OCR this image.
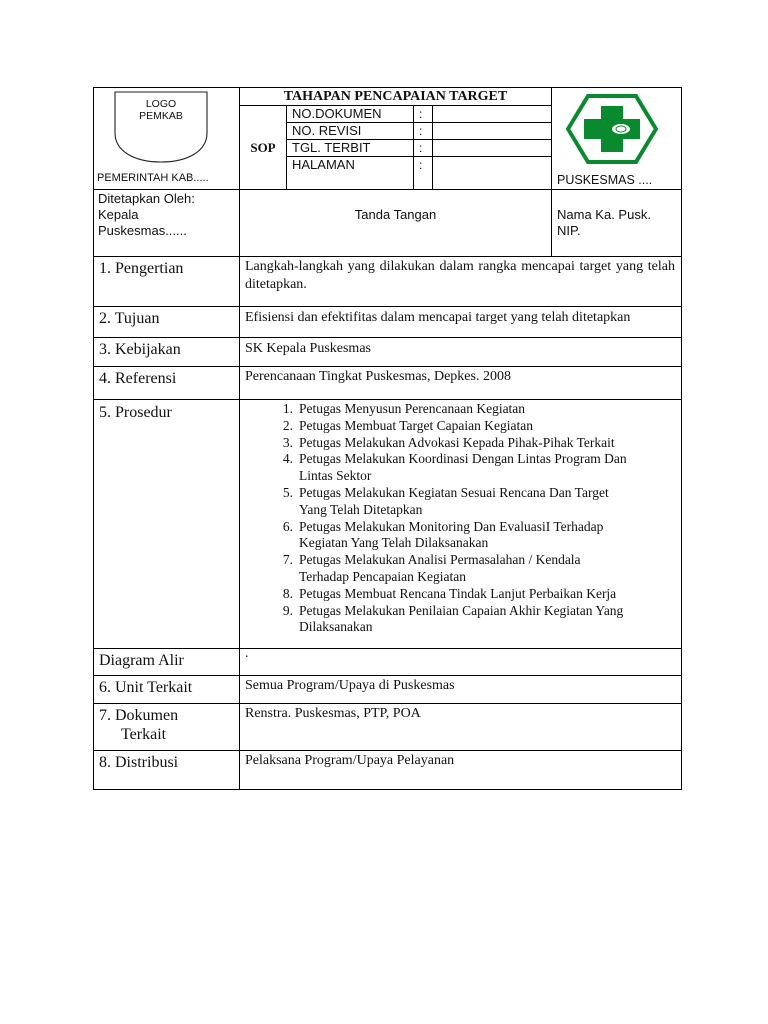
LOGO
PEMKAB
PEMERINTAH KAB.....
TAHAPAN PENCAPAIAN TARGET
SOP
NO.DOKUMEN
NO. REVISI
TGL. TERBIT
HALAMAN
:
:
:
:
PUSKESMAS ....
Ditetapkan Oleh:
Kepala
Puskesmas......
Tanda Tangan	Nama Ka. Pusk.
NIP.
1. Pengertian
2. Tujuan
3. Kebijakan
4. Referensi
5. Prosedur
Diagram Alir
6. Unit Terkait
7. Dokumen
Terkait
8. Distribusi
Langkah-langkah yang dilakukan dalam rangka mencapai target yang telah ditetapkan.
Efisiensi dan efektifitas dalam mencapai target yang telah ditetapkan
SK Kepala Puskesmas
Perencanaan Tingkat Puskesmas, Depkes. 2008
1 . Petugas Menyusun Perencanaan Kegiatan
2 . Petugas Membuat Target Capaian Kegiatan
3 . Petugas Melakukan Advokasi Kepada Pihak-Pihak Terkait
4 . Petugas Melakukan Koordinasi Dengan Lintas Program Dan
Lintas Sektor
5 . Petugas Melakukan Kegiatan Sesuai Rencana Dan Target
Yang Telah Ditetapkan
6 . Petugas Melakukan Monitoring Dan EvaluasiI Terhadap
Kegiatan Yang Telah Dilaksanakan
7 . Petugas Melakukan Analisi Permasalahan / Kendala
Terhadap Pencapaian Kegiatan
8 . Petugas Membuat Rencana Tindak Lanjut Perbaikan Kerja
9 . Petugas Melakukan Penilaian Capaian Akhir Kegiatan Yang
Dilaksanakan
.
Semua Program/Upaya di Puskesmas
Renstra. Puskesmas, PTP, POA
Pelaksana Program/Upaya Pelayanan
